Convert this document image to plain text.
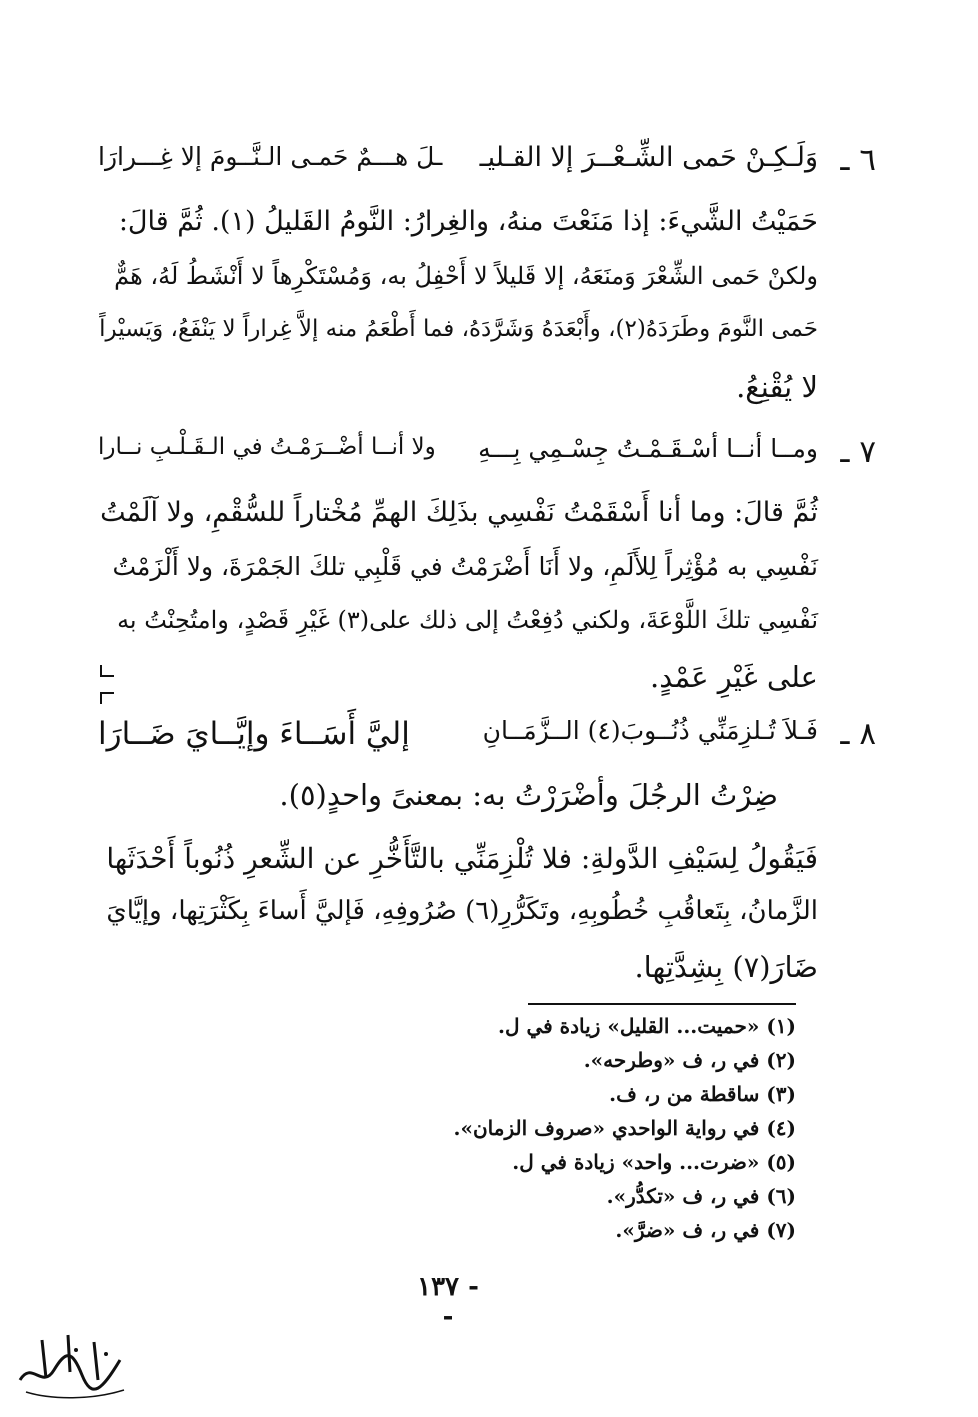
٦ ـ
وَلَـكِـنْ حَمى الشِّـعْــرَ إلا القـليـ
ـلَ هـــمٌ حَمـى الـنَّــومَ إلا غِـــرارَا
حَمَيْتُ الشَّيءَ: إذا مَنَعْتَ منهُ، والغِرارُ: النَّومُ القَليلُ (١). ثُمَّ قالَ:
ولكنْ حَمى الشِّعْرَ وَمنَعَهُ، إلا قَليلاً لا أَحْفِلُ به، وَمُسْتَكْرِهاً لا أَنْشَطُ لَهُ، هَمٌّ
حَمى النَّومَ وطَرَدَهُ(٢)، وأَبْعَدَهُ وَشَرَّدَهُ، فما أَطْعَمُ منه إلاَّ غِراراً لا يَنْفَعُ، وَيَسيْراً
لا يُقْنِعُ.
٧ ـ
ومــا أنــا أسْـقَـمْـتُ جِسْـمِي بِـــهِ
ولا أنــا أضْــرَمْـتُ في الـقَـلْـبِ نــارا
ثُمَّ قالَ: وما أنا أَسْقَمْتُ نَفْسِي بذَلِكَ الهمِّ مُخْتاراً للسُّقْمِ، ولا آلَمْتُ
نَفْسِي به مُؤْثِراً لِلأَلَمِ، ولا أَنَا أَضْرَمْتُ في قَلْبِي تلكَ الجَمْرَةَ، ولا أَلْزَمْتُ
نَفْسِي تلكَ اللَّوْعَةَ، ولكني دُفِعْتُ إلى ذلك على(٣) غَيْرِ قَصْدٍ، وامتُحِنْتُ به
على غَيْرِ عَمْدٍ.
٨ ـ
فَـلاَ تُـلزِمَنِّي ذُنُــوبَ(٤) الــزَّمَــانِ
إليَّ أَسَــاءَ وإيَّــايَ ضَــارَا
ضِرْتُ الرجُلَ وأضْرَرْتُ به: بمعنىً واحدٍ(٥).
فَيَقُولُ لِسَيْفِ الدَّولةِ: فلا تُلْزِمَنِّي بالتَّأَخُّرِ عن الشِّعرِ ذُنُوباً أَحْدَثَها
الزَّمانُ، بِتَعاقُبِ خُطُوبِهِ، وتَكَرُّرِ(٦) صُرُوفِهِ، فَإليَّ أَساءَ بِكَثْرَتِها، وإيَّايَ
ضَارَ(٧) بِشِدَّتِها.
(١) «حميت... القليل» زيادة في ل.
(٢) في ر، ف «وطرحه».
(٣) ساقطة من ر، ف.
(٤) في رواية الواحدي «صروف الزمان».
(٥) «ضرت... واحد» زيادة في ل.
(٦) في ر، ف «تكدُّر».
(٧) في ر، ف «ضرَّ».
- ١٣٧ -
